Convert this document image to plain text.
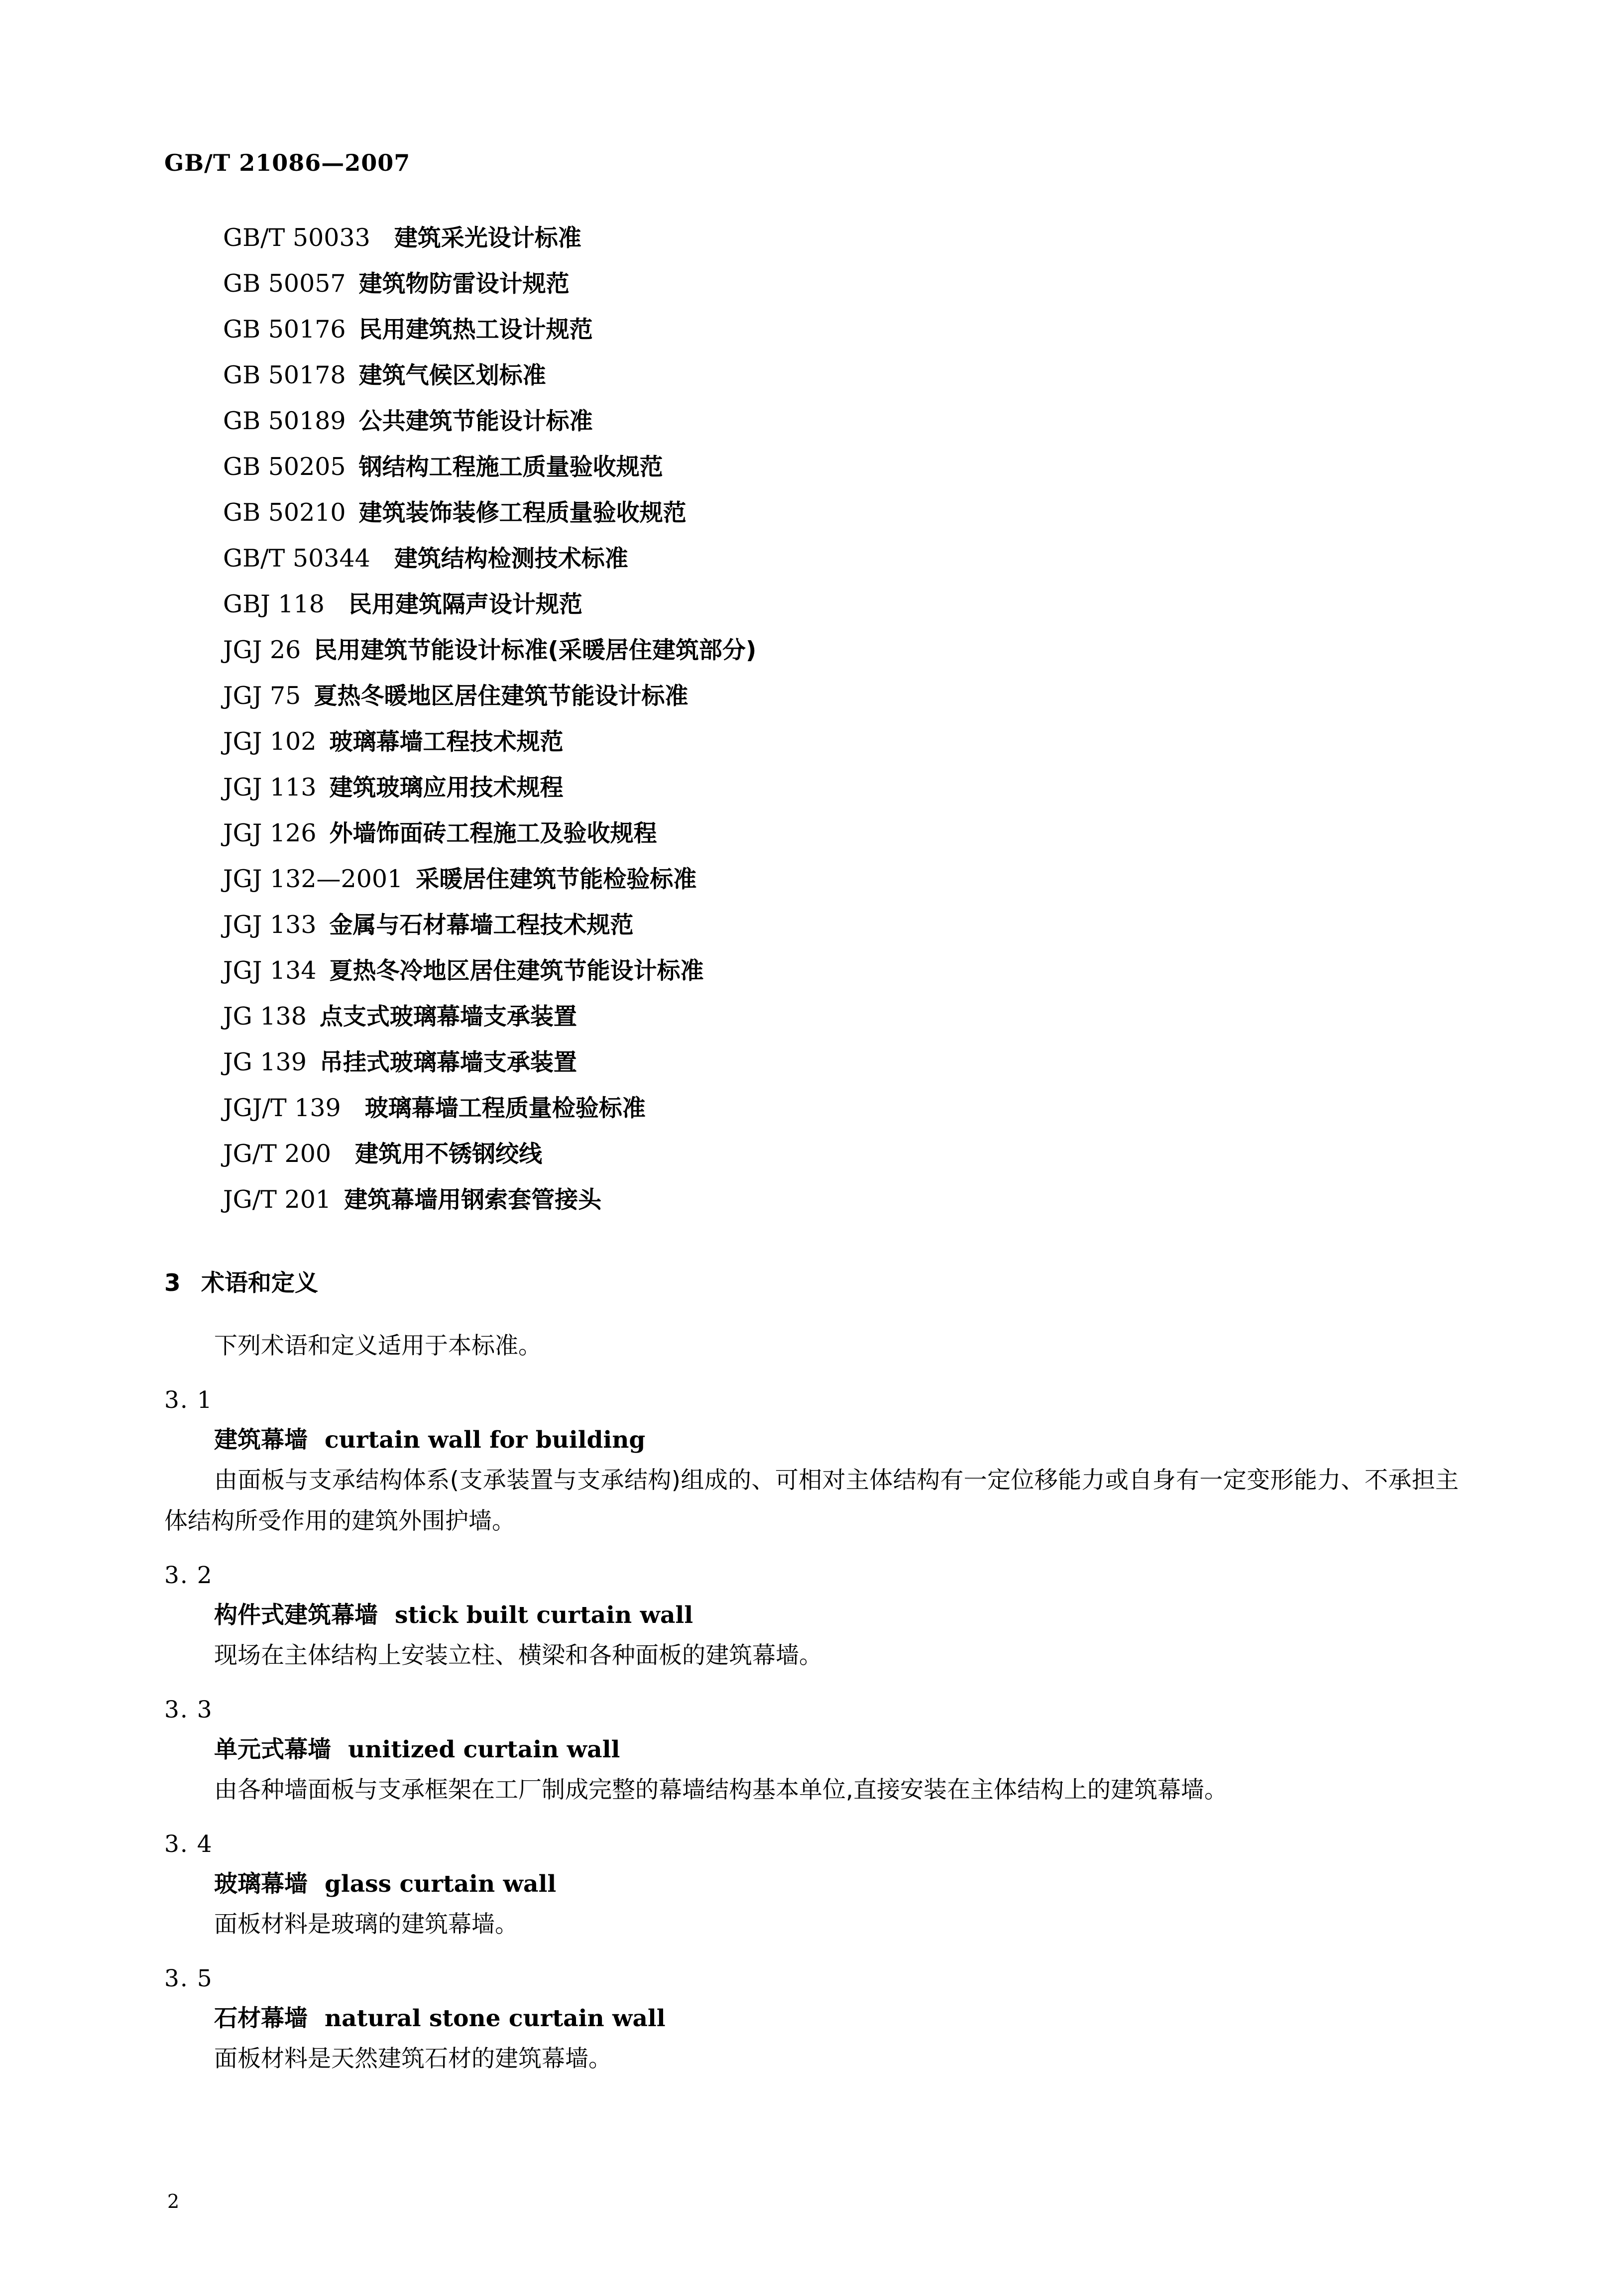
GB/T 21086—2007
GB/T 50033 建筑采光设计标准
GB 50057 建筑物防雷设计规范
GB 50176 民用建筑热工设计规范
GB 50178 建筑气候区划标准
GB 50189 公共建筑节能设计标准
GB 50205 钢结构工程施工质量验收规范
GB 50210 建筑装饰装修工程质量验收规范
GB/T 50344 建筑结构检测技术标准
GBJ 118 民用建筑隔声设计规范
JGJ 26 民用建筑节能设计标准(采暖居住建筑部分)
JGJ 75 夏热冬暖地区居住建筑节能设计标准
JGJ 102 玻璃幕墙工程技术规范
JGJ 113 建筑玻璃应用技术规程
JGJ 126 外墙饰面砖工程施工及验收规程
JGJ 132—2001 采暖居住建筑节能检验标准
JGJ 133 金属与石材幕墙工程技术规范
JGJ 134 夏热冬冷地区居住建筑节能设计标准
JG 138 点支式玻璃幕墙支承装置
JG 139 吊挂式玻璃幕墙支承装置
JGJ/T 139 玻璃幕墙工程质量检验标准
JG/T 200 建筑用不锈钢绞线
JG/T 201 建筑幕墙用钢索套管接头
3 术语和定义

下列术语和定义适用于本标准。

3. 1
建筑幕墙 curtain wall for building

由面板与支承结构体系(支承装置与支承结构)组成的、可相对主体结构有一定位移能力或自身有一定变形能力、不承担主体结构所受作用的建筑外围护墙。

3. 2
构件式建筑幕墙 stick built curtain wall

现场在主体结构上安装立柱、横梁和各种面板的建筑幕墙。

3. 3
单元式幕墙 unitized curtain wall

由各种墙面板与支承框架在工厂制成完整的幕墙结构基本单位,直接安装在主体结构上的建筑幕墙。

3. 4
玻璃幕墙 glass curtain wall

面板材料是玻璃的建筑幕墙。

3. 5
石材幕墙 natural stone curtain wall

面板材料是天然建筑石材的建筑幕墙。

2
